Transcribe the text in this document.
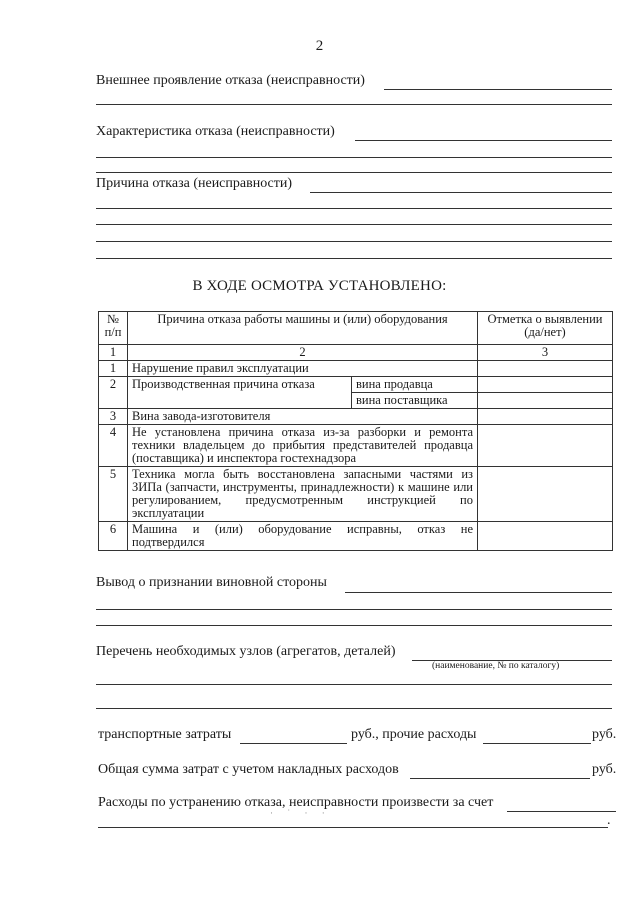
2
Внешнее проявление отказа (неисправности)
Характеристика отказа (неисправности)
Причина отказа (неисправности)
В ХОДЕ ОСМОТРА УСТАНОВЛЕНО:
№ п/п	Причина отказа работы машины и (или) оборудования		Отметка о выявлении (да/нет)
1	2		3
1	Нарушение правил эксплуатации		
2	Производственная причина отказа	вина продавца	
		вина поставщика	
3	Вина завода-изготовителя		
4	Не установлена причина отказа из-за разборки и ремонта техники владельцем до прибытия представителей продавца (поставщика) и инспектора гостехнадзора		
5	Техника могла быть восстановлена запасными частями из ЗИПа (запчасти, инструменты, принадлежности) к машине или регулированием, предусмотренным инструкцией по эксплуатации		
6	Машина и (или) оборудование исправны, отказ не подтвердился		
Вывод о признании виновной стороны
Перечень необходимых узлов (агрегатов, деталей)
(наименование, № по каталогу)
транспортные затраты	руб., прочие расходы	руб.
Общая сумма затрат с учетом накладных расходов	руб.
Расходы по устранению отказа, неисправности произвести за счет
.
· ˙ · ·
